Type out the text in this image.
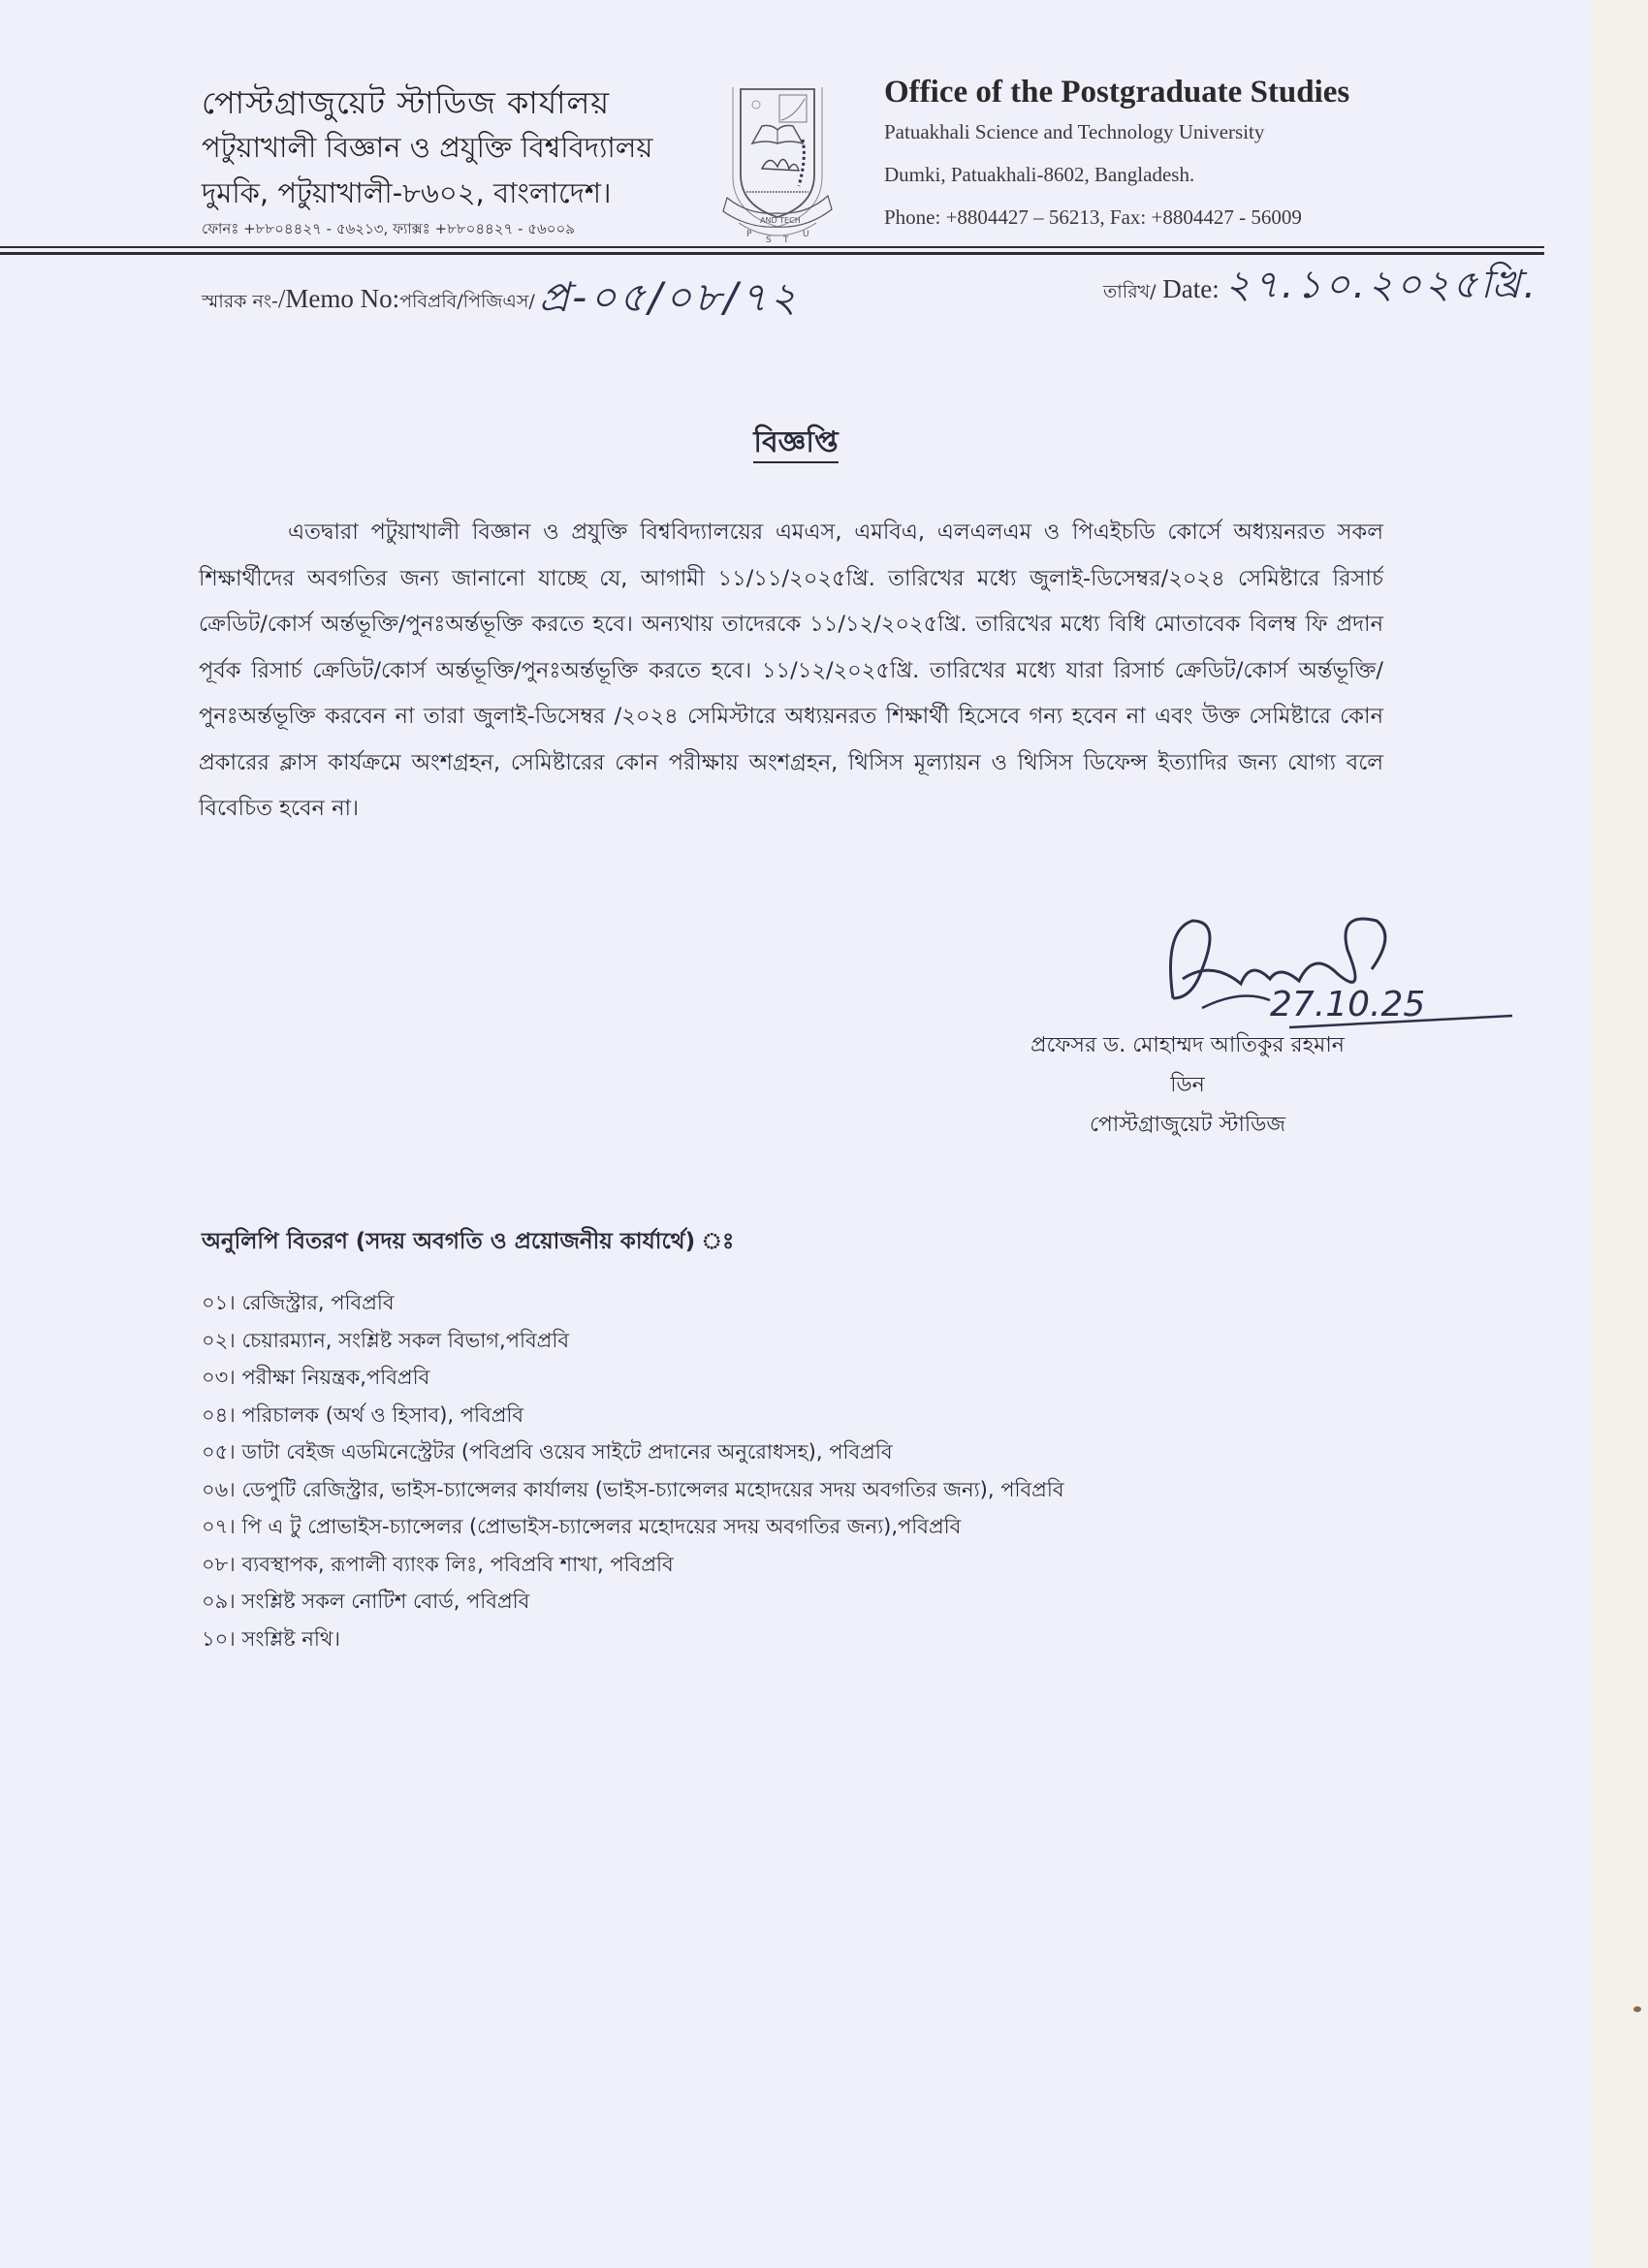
পোস্টগ্রাজুয়েট স্টাডিজ কার্যালয়
পটুয়াখালী বিজ্ঞান ও প্রযুক্তি বিশ্ববিদ্যালয়
দুমকি, পটুয়াখালী-৮৬০২, বাংলাদেশ।
ফোনঃ +৮৮০৪৪২৭ - ৫৬২১৩, ফ্যাক্সঃ +৮৮০৪৪২৭ - ৫৬০০৯	AND TECH
P
S T
U
Office of the Postgraduate Studies
Patuakhali Science and Technology University
Dumki, Patuakhali-8602, Bangladesh.
Phone: +8804427 – 56213, Fax: +8804427 - 56009
স্মারক নং-/Memo No:পবিপ্রবি/পিজিএস/প্র-০৫/০৮/৭২	তারিখ/ Date: ২৭.১০.২০২৫খ্রি.
বিজ্ঞপ্তি
এতদ্বারা পটুয়াখালী বিজ্ঞান ও প্রযুক্তি বিশ্ববিদ্যালয়ের এমএস, এমবিএ, এলএলএম ও পিএইচডি কোর্সে অধ্যয়নরত সকল শিক্ষার্থীদের অবগতির জন্য জানানো যাচ্ছে যে, আগামী ১১/১১/২০২৫খ্রি. তারিখের মধ্যে জুলাই-ডিসেম্বর/২০২৪ সেমিষ্টারে রিসার্চ ক্রেডিট/কোর্স অর্ন্তভূক্তি/পুনঃঅর্ন্তভূক্তি করতে হবে। অন্যথায় তাদেরকে ১১/১২/২০২৫খ্রি. তারিখের মধ্যে বিধি মোতাবেক বিলম্ব ফি প্রদান পূর্বক রিসার্চ ক্রেডিট/কোর্স অর্ন্তভূক্তি/পুনঃঅর্ন্তভূক্তি করতে হবে। ১১/১২/২০২৫খ্রি. তারিখের মধ্যে যারা রিসার্চ ক্রেডিট/কোর্স অর্ন্তভূক্তি/পুনঃঅর্ন্তভূক্তি করবেন না তারা জুলাই-ডিসেম্বর /২০২৪ সেমিস্টারে অধ্যয়নরত শিক্ষার্থী হিসেবে গন্য হবেন না এবং উক্ত সেমিষ্টারে কোন প্রকারের ক্লাস কার্যক্রমে অংশগ্রহন, সেমিষ্টারের কোন পরীক্ষায় অংশগ্রহন, থিসিস মূল্যায়ন ও থিসিস ডিফেন্স ইত্যাদির জন্য যোগ্য বলে বিবেচিত হবেন না।
27.10.25
প্রফেসর ড. মোহাম্মদ আতিকুর রহমান
ডিন
পোস্টগ্রাজুয়েট স্টাডিজ
অনুলিপি বিতরণ (সদয় অবগতি ও প্রয়োজনীয় কার্যার্থে) ঃ
০১। রেজিস্ট্রার, পবিপ্রবি
০২। চেয়ারম্যান, সংশ্লিষ্ট সকল বিভাগ,পবিপ্রবি
০৩। পরীক্ষা নিয়ন্ত্রক,পবিপ্রবি
০৪। পরিচালক (অর্থ ও হিসাব), পবিপ্রবি
০৫। ডাটা বেইজ এডমিনেস্ট্রেটর (পবিপ্রবি ওয়েব সাইটে প্রদানের অনুরোধসহ), পবিপ্রবি
০৬। ডেপুটি রেজিস্ট্রার, ভাইস-চ্যান্সেলর কার্যালয় (ভাইস-চ্যান্সেলর মহোদয়ের সদয় অবগতির জন্য), পবিপ্রবি
০৭। পি এ টু প্রোভাইস-চ্যান্সেলর (প্রোভাইস-চ্যান্সেলর মহোদয়ের সদয় অবগতির জন্য),পবিপ্রবি
০৮। ব্যবস্থাপক, রূপালী ব্যাংক লিঃ, পবিপ্রবি শাখা, পবিপ্রবি
০৯। সংশ্লিষ্ট সকল নোটিশ বোর্ড, পবিপ্রবি
১০। সংশ্লিষ্ট নথি।
